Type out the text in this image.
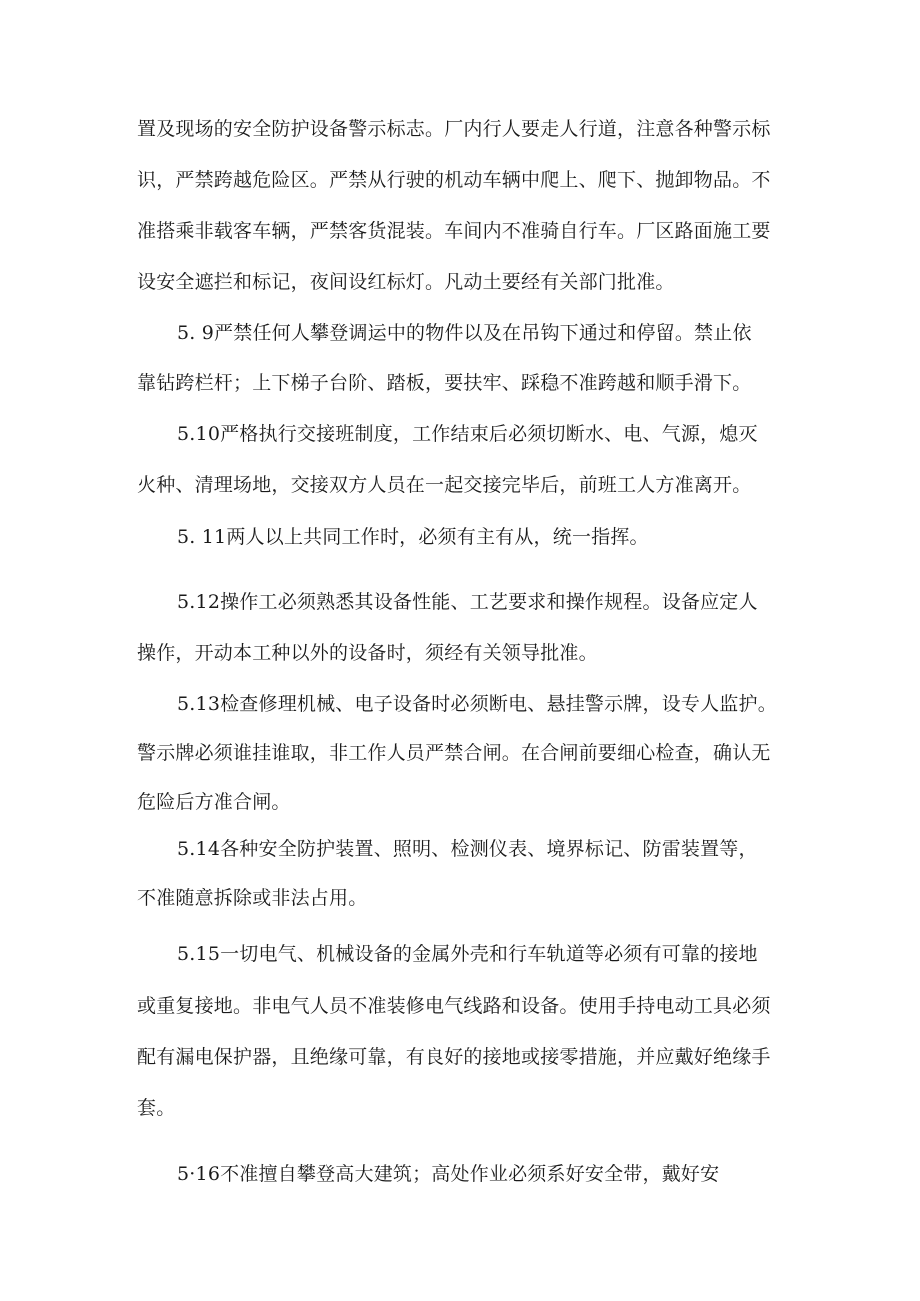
置及现场的安全防护设备警示标志。厂内行人要走人行道，注意各种警示标
识，严禁跨越危险区。严禁从行驶的机动车辆中爬上、爬下、抛卸物品。不
准搭乘非载客车辆，严禁客货混装。车间内不准骑自行车。厂区路面施工要
设安全遮拦和标记，夜间设红标灯。凡动土要经有关部门批准。
5. 9严禁任何人攀登调运中的物件以及在吊钩下通过和停留。禁止依
靠钻跨栏杆；上下梯子台阶、踏板，要扶牢、踩稳不准跨越和顺手滑下。
5.10严格执行交接班制度，工作结束后必须切断水、电、气源，熄灭
火种、清理场地，交接双方人员在一起交接完毕后，前班工人方准离开。
5. 11两人以上共同工作时，必须有主有从，统一指挥。
5.12操作工必须熟悉其设备性能、工艺要求和操作规程。设备应定人
操作，开动本工种以外的设备时，须经有关领导批准。
5.13检查修理机械、电子设备时必须断电、悬挂警示牌，设专人监护。
警示牌必须谁挂谁取，非工作人员严禁合闸。在合闸前要细心检查，确认无
危险后方准合闸。
5.14各种安全防护装置、照明、检测仪表、境界标记、防雷装置等，
不准随意拆除或非法占用。
5.15一切电气、机械设备的金属外壳和行车轨道等必须有可靠的接地
或重复接地。非电气人员不准装修电气线路和设备。使用手持电动工具必须
配有漏电保护器，且绝缘可靠，有良好的接地或接零措施，并应戴好绝缘手
套。
5·16不准擅自攀登高大建筑；高处作业必须系好安全带，戴好安
